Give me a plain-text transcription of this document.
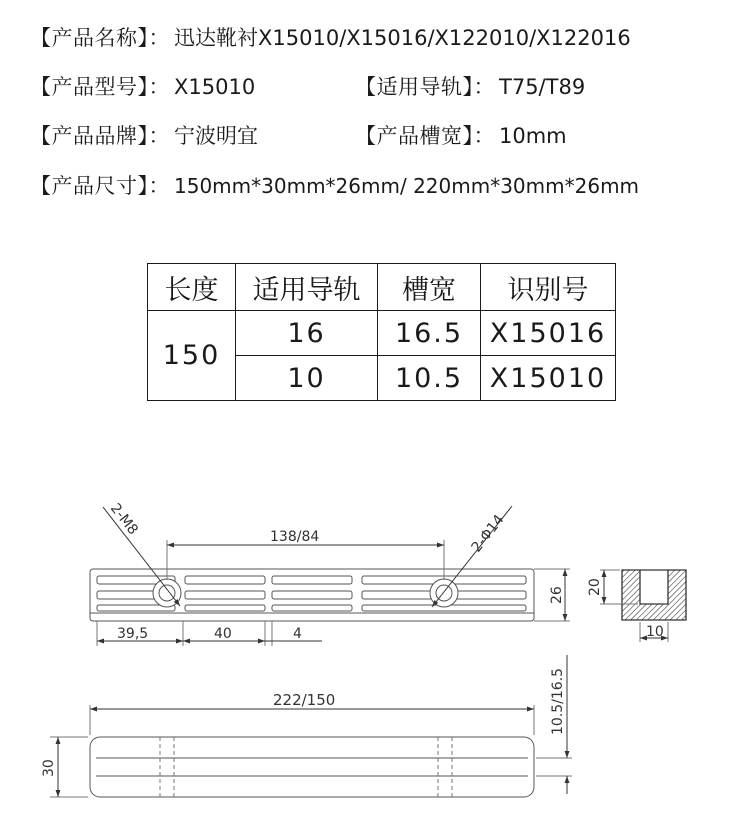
【产品名称】： 迅达靴衬X15010/X15016/X122010/X122016
【产品型号】： X15010	【适用导轨】： T75/T89
【产品品牌】： 宁波明宜	【产品槽宽】： 10mm
【产品尺寸】： 150mm*30mm*26mm/ 220mm*30mm*26mm
长度	适用导轨	槽宽	识别号
150	16	16.5	X15016
	10	10.5	X15010
2-M8	2-Φ14
138/84
39,5	40	4
26 20
10
222/150
30
10.5/16.5
